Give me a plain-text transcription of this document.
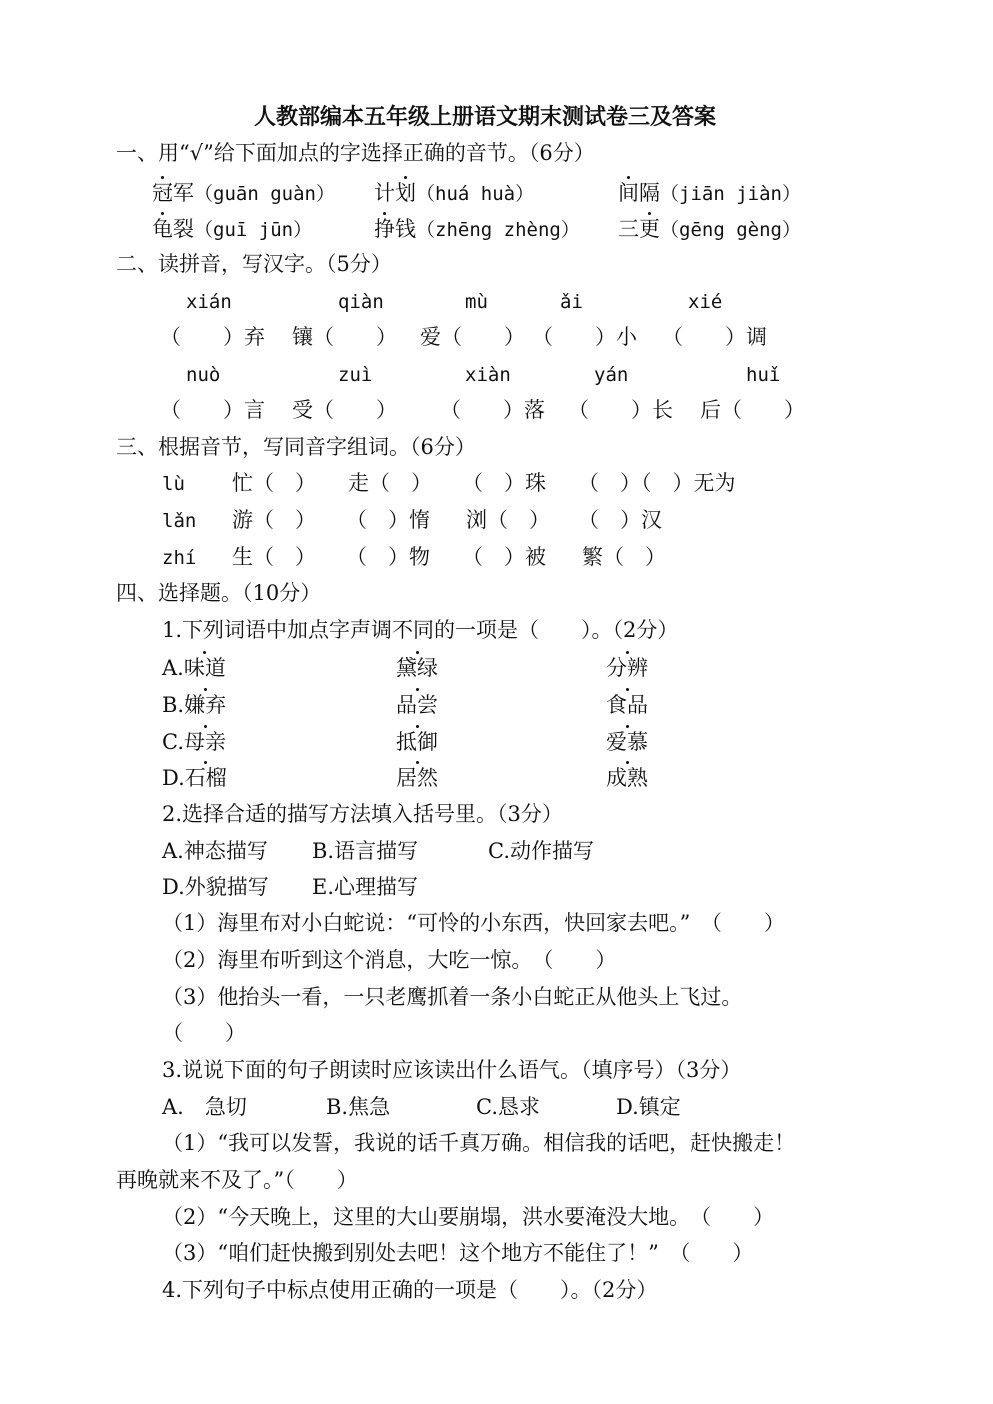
人教部编本五年级上册语文期末测试卷三及答案
一、用“√”给下面加点的字选择正确的音节。（6分）
冠军（guān guàn） 计划（huá huà）	间隔（jiān jiàn）
龟裂（guī jūn）	挣钱（zhēng zhèng） 三更（gēng gèng）
二、读拼音，写汉字。（5分）
xián	qiàn	mù	ǎi	xié
（　　）弃 镶（　　） 爱（　　） （　　）小 （　　）调
nuò	zuì	xiàn	yán	huǐ
（　　）言 受（　　） （　　）落 （　　）长 后（　　）
三、根据音节，写同音字组词。（6分）
lù 忙（　） 走（　） （　）珠 （　）（　）无为
lǎn 游（　） （　）惰 浏（　） （　）汉
zhí 生（　） （　）物 （　）被 繁（　）
四、选择题。（10分）
1.下列词语中加点字声调不同的一项是（　　）。（2分）
A.味道	黛绿	分辨
B.嫌弃	品尝	食品
C.母亲	抵御	爱慕
D.石榴	居然	成熟
2.选择合适的描写方法填入括号里。（3分）
A.神态描写 B.语言描写	C.动作描写
D.外貌描写 E.心理描写
（1）海里布对小白蛇说：“可怜的小东西，快回家去吧。”　（　　）
（2）海里布听到这个消息，大吃一惊。　（　　）
（3）他抬头一看，一只老鹰抓着一条小白蛇正从他头上飞过。
（　　）
3.说说下面的句子朗读时应该读出什么语气。（填序号）（3分）
A.　急切	B.焦急	C.恳求	D.镇定
（1）“我可以发誓，我说的话千真万确。相信我的话吧，赶快搬走！
再晚就来不及了。”（　　）
（2）“今天晚上，这里的大山要崩塌，洪水要淹没大地。　（　　）
（3）“咱们赶快搬到别处去吧！这个地方不能住了！”　（　　）
4.下列句子中标点使用正确的一项是（　　）。（2分）
